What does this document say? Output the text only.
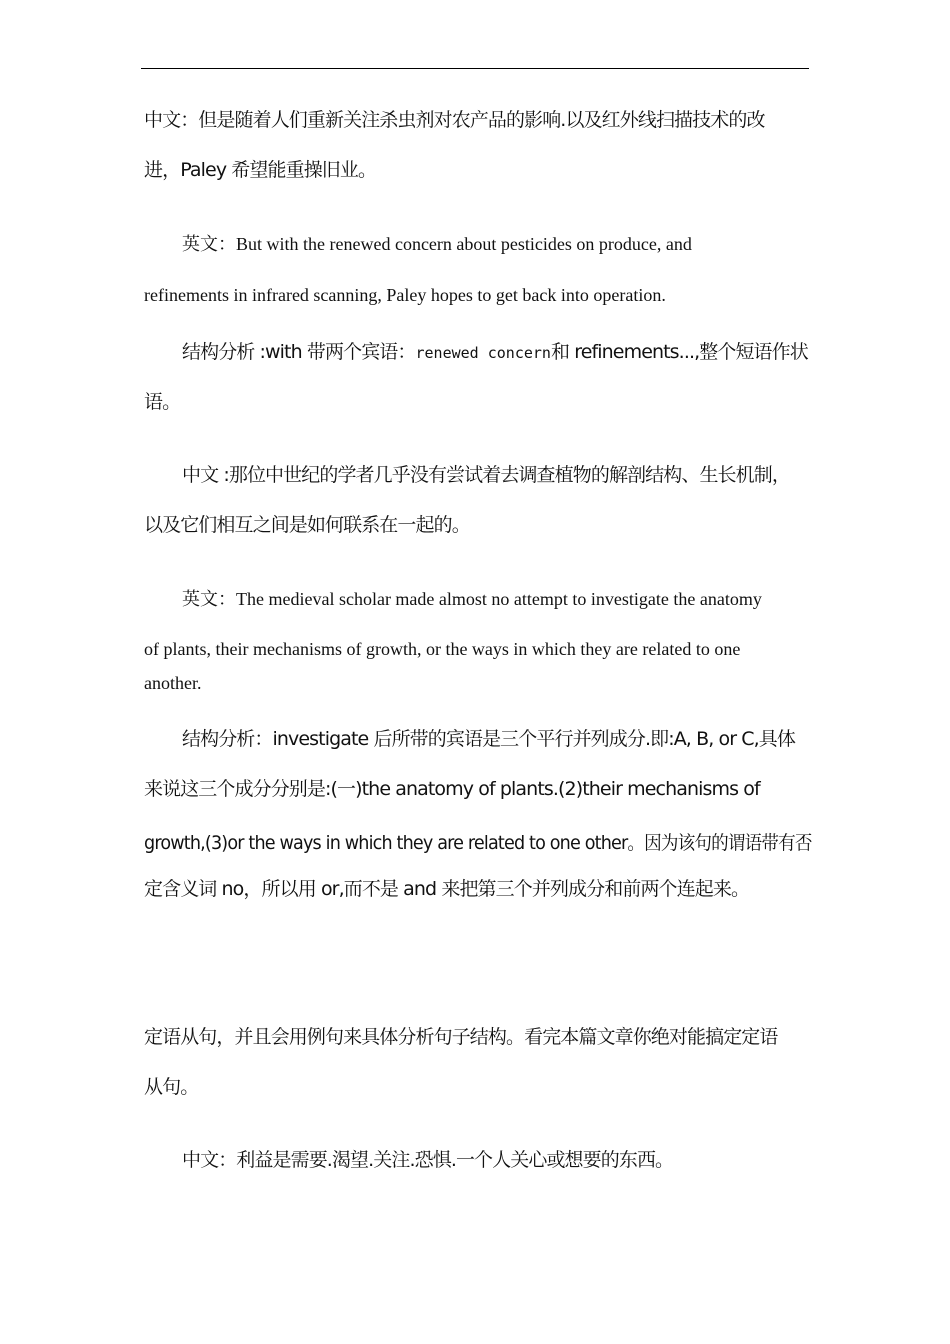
中文：但是随着人们重新关注杀虫剂对农产品的影响.以及红外线扫描技术的改
进，Paley 希望能重操旧业。
英文：But with the renewed concern about pesticides on produce, and
refinements in infrared scanning, Paley hopes to get back into operation.
结构分析 :with 带两个宾语：renewed concern和 refinements...,整个短语作状
语。
中文 :那位中世纪的学者几乎没有尝试着去调查植物的解剖结构、生长机制，
以及它们相互之间是如何联系在一起的。
英文：The medieval scholar made almost no attempt to investigate the anatomy
of plants, their mechanisms of growth, or the ways in which they are related to one
another.
结构分析：investigate 后所带的宾语是三个平行并列成分.即:A, B, or C,具体
来说这三个成分分别是:(一)the anatomy of plants.(2)their mechanisms of
growth,(3)or the ways in which they are related to one other。因为该句的谓语带有否
定含义词 no，所以用 or,而不是 and 来把第三个并列成分和前两个连起来。
定语从句，并且会用例句来具体分析句子结构。看完本篇文章你绝对能搞定定语
从句。
中文：利益是需要.渴望.关注.恐惧.一个人关心或想要的东西。
